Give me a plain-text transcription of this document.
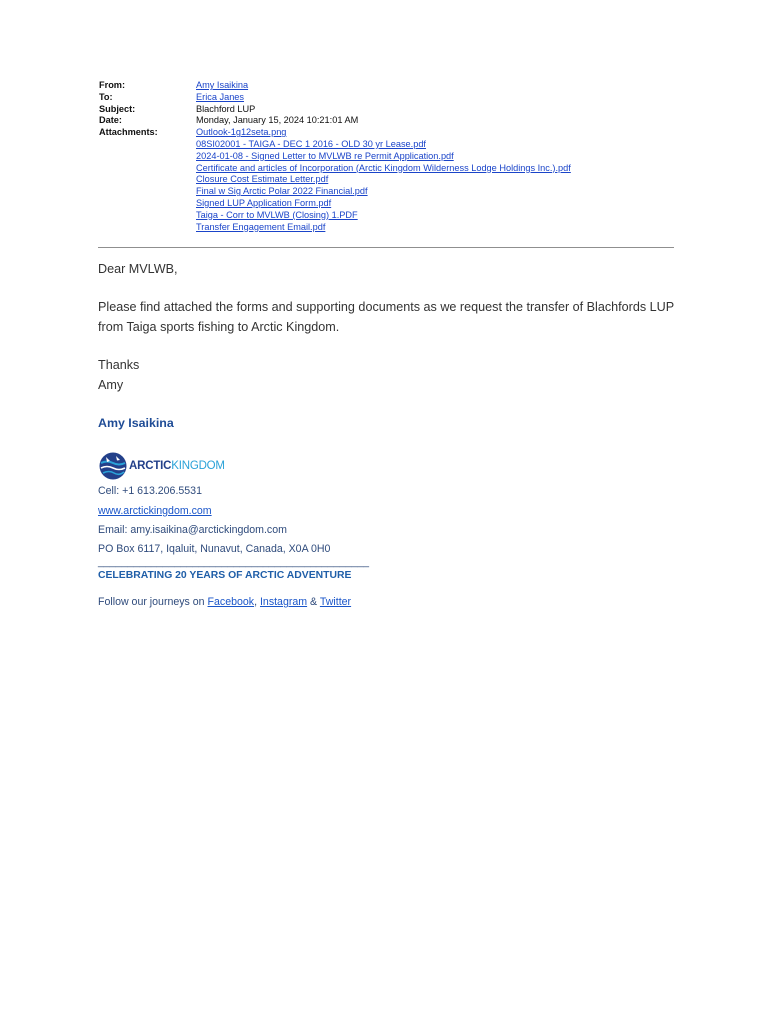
From:	Amy Isaikina
To:	Erica Janes
Subject:	Blachford LUP
Date:	Monday, January 15, 2024 10:21:01 AM
Attachments:	Outlook-1g12seta.png
08SI02001 - TAIGA - DEC 1 2016 - OLD 30 yr Lease.pdf
2024-01-08 - Signed Letter to MVLWB re Permit Application.pdf
Certificate and articles of Incorporation (Arctic Kingdom Wilderness Lodge Holdings Inc.).pdf
Closure Cost Estimate Letter.pdf
Final w Sig Arctic Polar 2022 Financial.pdf
Signed LUP Application Form.pdf
Taiga - Corr to MVLWB (Closing) 1.PDF
Transfer Engagement Email.pdf

Dear MVLWB,

Please find attached the forms and supporting documents as we request the transfer of Blachfords LUP from Taiga sports fishing to Arctic Kingdom.

Thanks

Amy

Amy Isaikina
ARCTICKINGDOM
Cell: +1 613.206.5531
www.arctickingdom.com
Email: amy.isaikina@arctickingdom.com
PO Box 6117, Iqaluit, Nunavut, Canada, X0A 0H0
______________________________________________
CELEBRATING 20 YEARS OF ARCTIC ADVENTURE
Follow our journeys on Facebook, Instagram & Twitter
